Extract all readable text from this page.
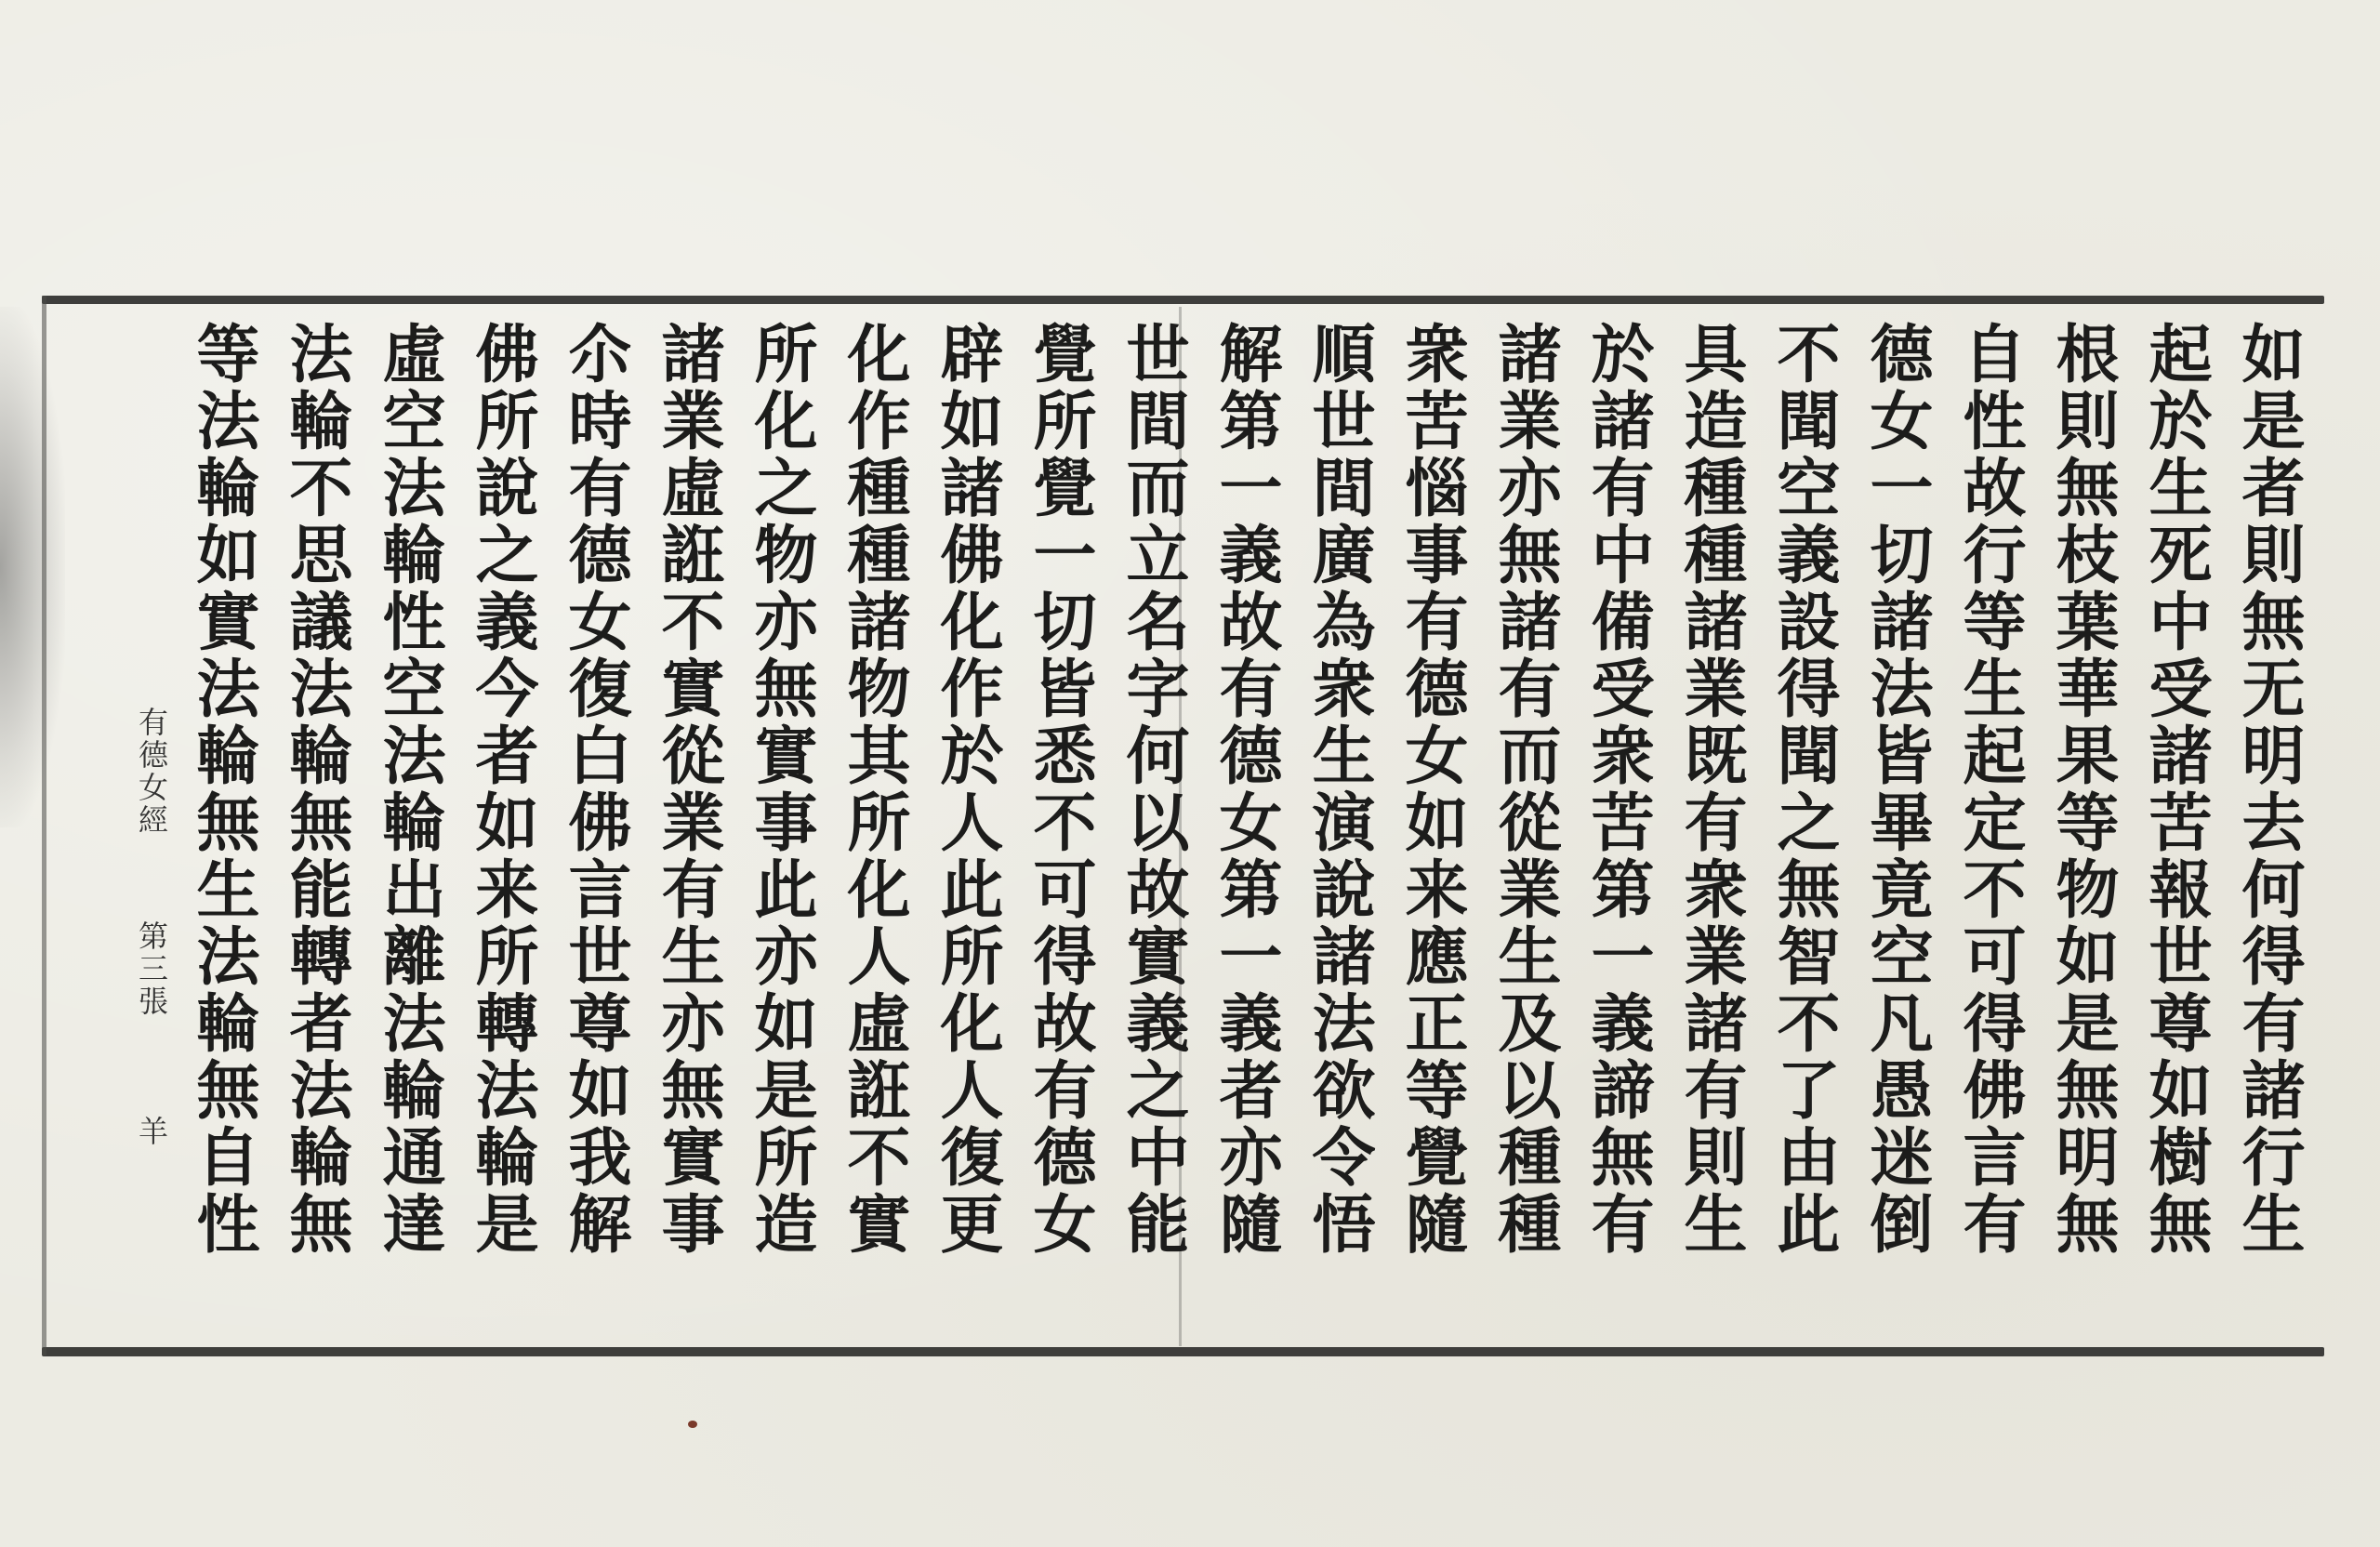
如是者則無无明去何得有諸行生
起於生死中受諸苦報世尊如樹無
根則無枝葉華果等物如是無明無
自性故行等生起定不可得佛言有
德女一切諸法皆畢竟空凡愚迷倒
不聞空義設得聞之無智不了由此
具造種種諸業既有衆業諸有則生
於諸有中備受衆苦第一義諦無有
諸業亦無諸有而從業生及以種種
衆苦惱事有德女如来應正等覺隨
順世間廣為衆生演說諸法欲令悟
解第一義故有德女第一義者亦隨
世間而立名字何以故實義之中能
覺所覺一切皆悉不可得故有德女
辟如諸佛化作於人此所化人復更
化作種種諸物其所化人虛誑不實
所化之物亦無實事此亦如是所造
諸業虛誑不實從業有生亦無實事
尒時有德女復白佛言世尊如我解
佛所說之義今者如来所轉法輪是
虛空法輪性空法輪出離法輪通達
法輪不思議法輪無能轉者法輪無
等法輪如實法輪無生法輪無自性
有德女經
第三張
羊
